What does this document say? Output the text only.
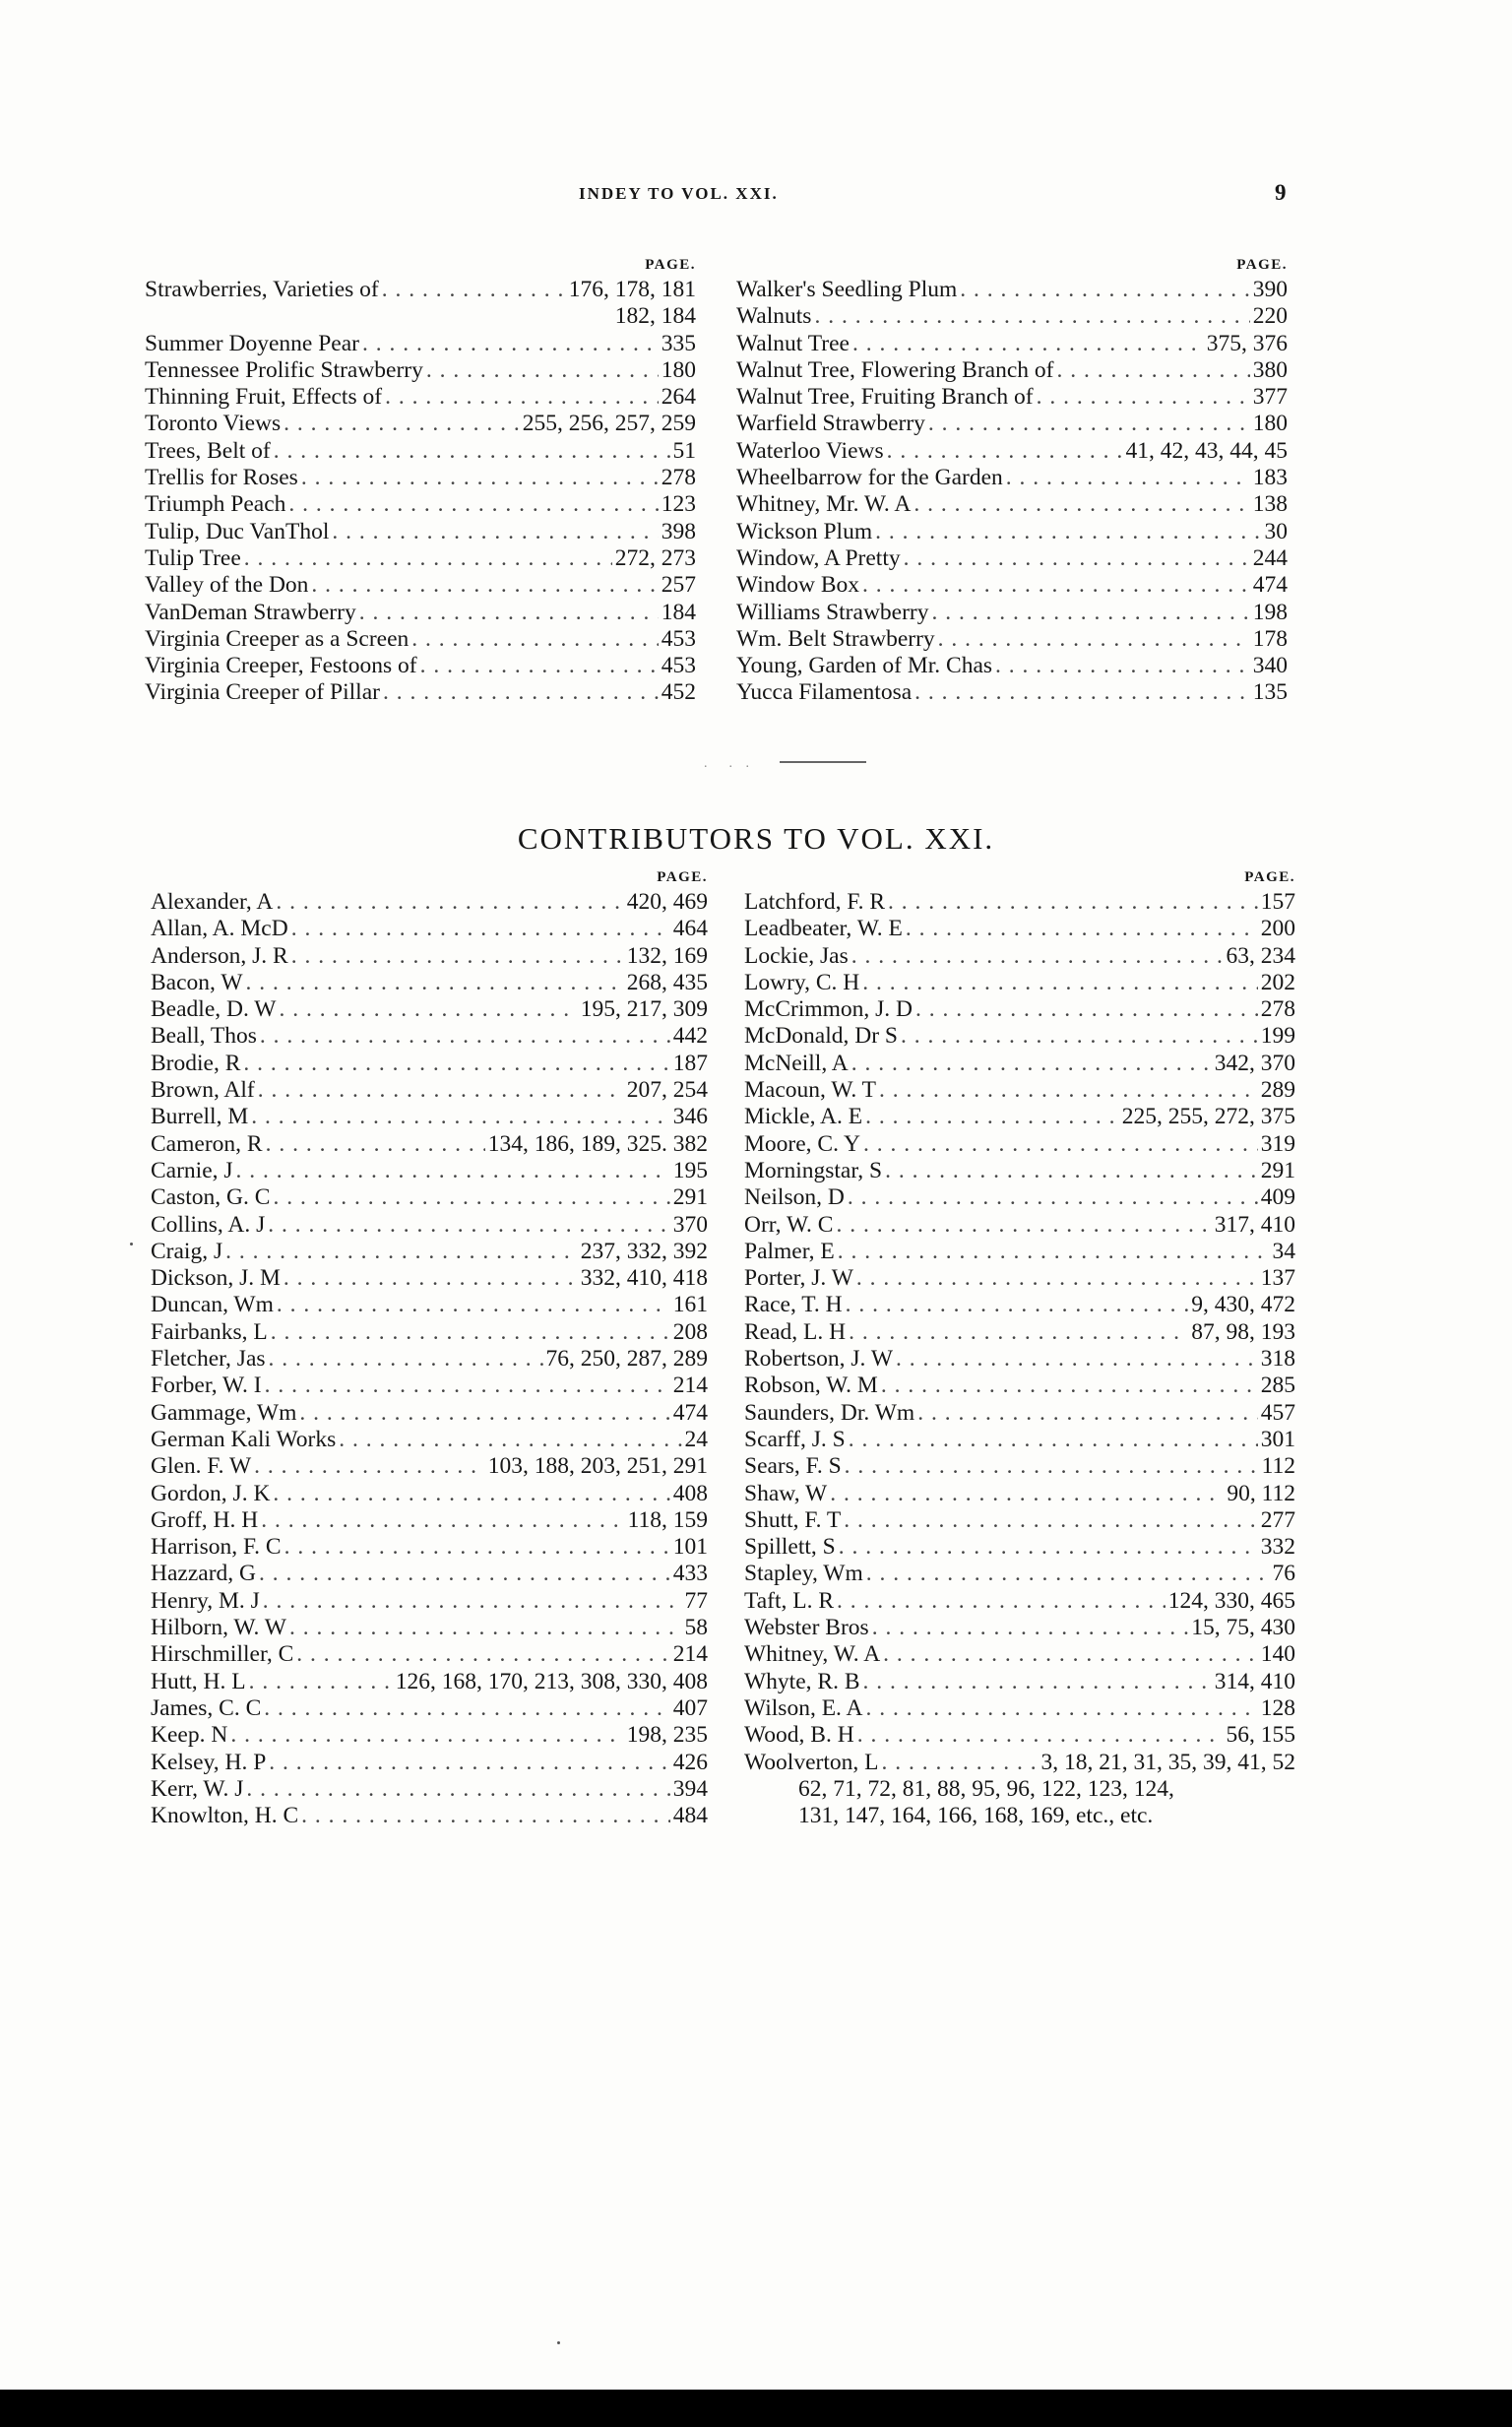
INDEY TO VOL. XXI.	9
PAGE.
Strawberries, Varieties of . . .	176, 178, 181
182, 184
Summer Doyenne Pear . . .	335
Tennessee Prolific Strawberry . . .	180
Thinning Fruit, Effects of . . .	264
Toronto Views . . .	255, 256, 257, 259
Trees, Belt of . . .	51
Trellis for Roses . . .	278
Triumph Peach . . .	123
Tulip, Duc VanThol . . .	398
Tulip Tree . . .	272, 273
Valley of the Don . . .	257
VanDeman Strawberry . . .	184
Virginia Creeper as a Screen . . .	453
Virginia Creeper, Festoons of . . .	453
Virginia Creeper of Pillar . . .	452
PAGE.
Walker's Seedling Plum . . .	390
Walnuts . . .	220
Walnut Tree . . .	375, 376
Walnut Tree, Flowering Branch of . . .	380
Walnut Tree, Fruiting Branch of . . .	377
Warfield Strawberry . . .	180
Waterloo Views . . .	41, 42, 43, 44, 45
Wheelbarrow for the Garden . . .	183
Whitney, Mr. W. A . . .	138
Wickson Plum . . .	30
Window, A Pretty . . .	244
Window Box . . .	474
Williams Strawberry . . .	198
Wm. Belt Strawberry . . .	178
Young, Garden of Mr. Chas . . .	340
Yucca Filamentosa . . .	135
.  . .
CONTRIBUTORS TO VOL. XXI.
PAGE.
Alexander, A . . .	420, 469
Allan, A. McD . . .	464
Anderson, J. R . . .	132, 169
Bacon, W . . .	268, 435
Beadle, D. W . . .	195, 217, 309
Beall, Thos . . .	442
Brodie, R . . .	187
Brown, Alf . . .	207, 254
Burrell, M . . .	346
Cameron, R . . .	134, 186, 189, 325. 382
Carnie, J . . .	195
Caston, G. C . . .	291
Collins, A. J . . .	370
Craig, J . . .	237, 332, 392
Dickson, J. M . . .	332, 410, 418
Duncan, Wm . . .	161
Fairbanks, L . . .	208
Fletcher, Jas . . .	76, 250, 287, 289
Forber, W. I . . .	214
Gammage, Wm . . .	474
German Kali Works . . .	24
Glen. F. W . . .	103, 188, 203, 251, 291
Gordon, J. K . . .	408
Groff, H. H . . .	118, 159
Harrison, F. C . . .	101
Hazzard, G . . .	433
Henry, M. J . . .	77
Hilborn, W. W . . .	58
Hirschmiller, C . . .	214
Hutt, H. L . . .	126, 168, 170, 213, 308, 330, 408
James, C. C . . .	407
Keep. N . . .	198, 235
Kelsey, H. P . . .	426
Kerr, W. J . . .	394
Knowlton, H. C . . .	484
PAGE.
Latchford, F. R . . .	157
Leadbeater, W. E . . .	200
Lockie, Jas . . .	63, 234
Lowry, C. H . . .	202
McCrimmon, J. D . . .	278
McDonald, Dr S . . .	199
McNeill, A . . .	342, 370
Macoun, W. T . . .	289
Mickle, A. E . . .	225, 255, 272, 375
Moore, C. Y . . .	319
Morningstar, S . . .	291
Neilson, D . . .	409
Orr, W. C . . .	317, 410
Palmer, E . . .	34
Porter, J. W . . .	137
Race, T. H . . .	9, 430, 472
Read, L. H . . .	87, 98, 193
Robertson, J. W . . .	318
Robson, W. M . . .	285
Saunders, Dr. Wm . . .	457
Scarff, J. S . . .	301
Sears, F. S . . .	112
Shaw, W . . .	90, 112
Shutt, F. T . . .	277
Spillett, S . . .	332
Stapley, Wm . . .	76
Taft, L. R . . .	124, 330, 465
Webster Bros . . .	15, 75, 430
Whitney, W. A . . .	140
Whyte, R. B . . .	314, 410
Wilson, E. A . . .	128
Wood, B. H . . .	56, 155
Woolverton, L . . .	3, 18, 21, 31, 35, 39, 41, 52
62, 71, 72, 81, 88, 95, 96, 122, 123, 124,
131, 147, 164, 166, 168, 169, etc., etc.
